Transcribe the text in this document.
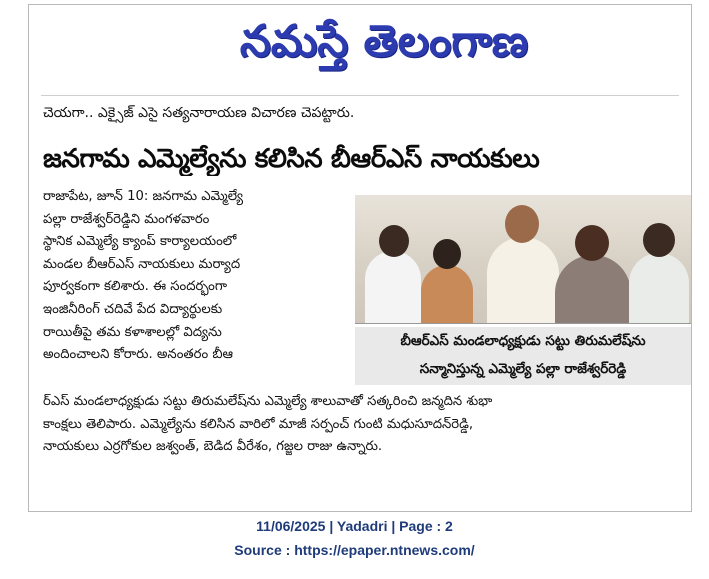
నమస్తే తెలంగాణ
చెయగా.. ఎక్సైజ్ ఎసై సత్యనారాయణ విచారణ చెపట్టారు.
జనగామ ఎమ్మెల్యేను కలిసిన బీఆర్ఎస్ నాయకులు
రాజాపేట, జూన్ 10: జనగామ ఎమ్మెల్యే
పల్లా రాజేశ్వర్‌రెడ్డిని మంగళవారం
స్థానిక ఎమ్మెల్యే క్యాంప్ కార్యాలయంలో
మండల బీఆర్ఎస్ నాయకులు మర్యాద
పూర్వకంగా కలిశారు. ఈ సందర్భంగా
ఇంజినీరింగ్ చదివే పేద విద్యార్థులకు
రాయితీపై తమ కళాశాలల్లో విద్యను
అందించాలని కోరారు. అనంతరం బీఆ
బీఆర్ఎస్ మండలాధ్యక్షుడు సట్టు తిరుమలేష్‌ను
సన్మానిస్తున్న ఎమ్మెల్యే పల్లా రాజేశ్వర్‌రెడ్డి
ర్ఎస్ మండలాధ్యక్షుడు సట్టు తిరుమలేష్‌ను ఎమ్మెల్యే శాలువాతో సత్కరించి జన్మదిన శుభా
కాంక్షలు తెలిపారు. ఎమ్మెల్యేను కలిసిన వారిలో మాజీ సర్పంచ్ గుంటి మధుసూదన్‌రెడ్డి,
నాయకులు ఎర్రగోకుల జశ్వంత్, బెడిద వీరేశం, గజ్జల రాజు ఉన్నారు.
11/06/2025 | Yadadri | Page : 2
Source : https://epaper.ntnews.com/
